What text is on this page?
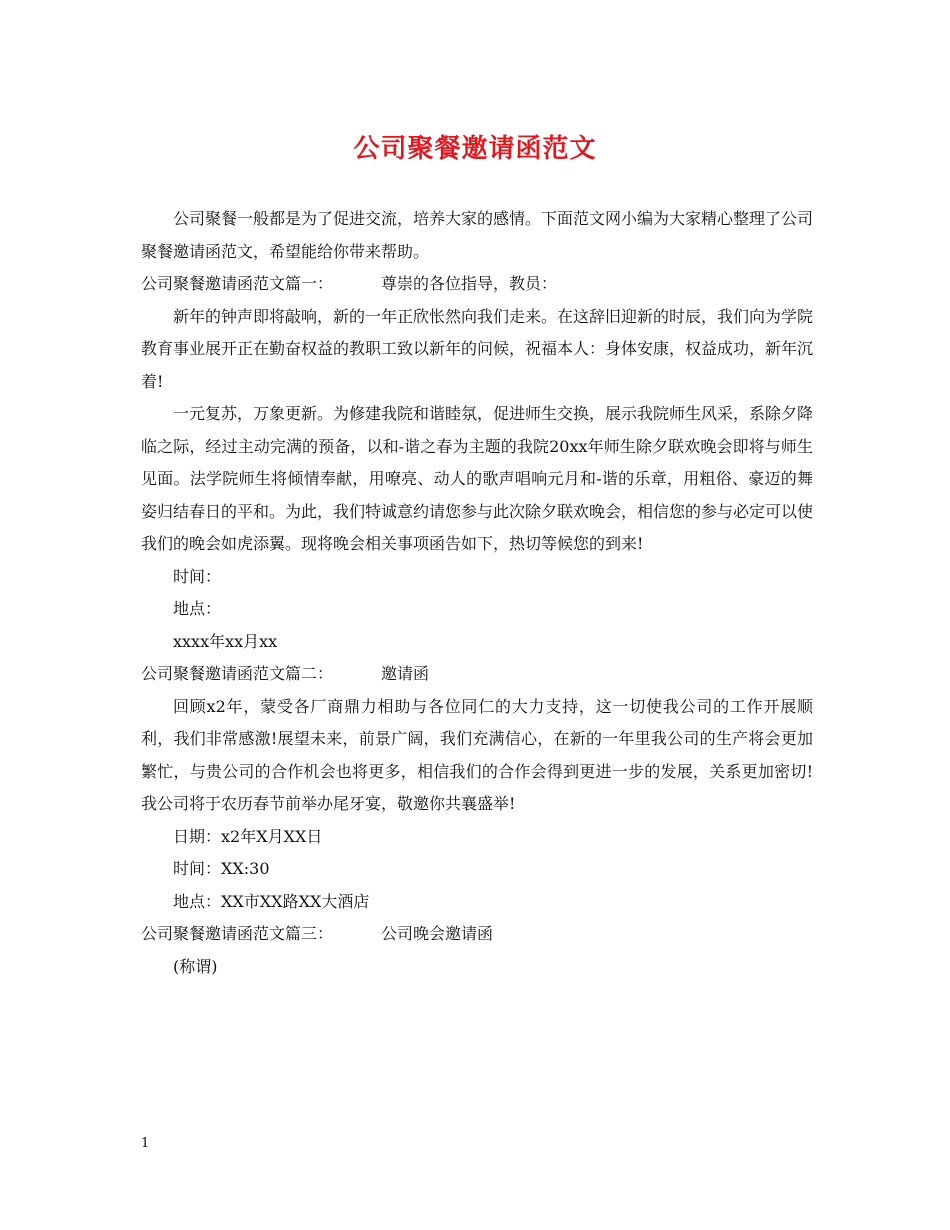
公司聚餐邀请函范文

公司聚餐一般都是为了促进交流，培养大家的感情。下面范文网小编为大家精心整理了公司聚餐邀请函范文，希望能给你带来帮助。

公司聚餐邀请函范文篇一：	尊崇的各位指导，教员：

新年的钟声即将敲响，新的一年正欣怅然向我们走来。在这辞旧迎新的时辰，我们向为学院教育事业展开正在勤奋权益的教职工致以新年的问候，祝福本人：身体安康，权益成功，新年沉着!

一元复苏，万象更新。为修建我院和谐睦氛，促进师生交换，展示我院师生风采，系除夕降临之际，经过主动完满的预备，以和-谐之春为主题的我院20xx年师生除夕联欢晚会即将与师生见面。法学院师生将倾情奉献，用嘹亮、动人的歌声唱响元月和-谐的乐章，用粗俗、豪迈的舞姿归结春日的平和。为此，我们特诚意约请您参与此次除夕联欢晚会，相信您的参与必定可以使我们的晚会如虎添翼。现将晚会相关事项函告如下，热切等候您的到来!

时间：

地点：

xxxx年xx月xx

公司聚餐邀请函范文篇二：	邀请函

回顾x2年，蒙受各厂商鼎力相助与各位同仁的大力支持，这一切使我公司的工作开展顺利，我们非常感激!展望未来，前景广阔，我们充满信心，在新的一年里我公司的生产将会更加繁忙，与贵公司的合作机会也将更多，相信我们的合作会得到更进一步的发展，关系更加密切!我公司将于农历春节前举办尾牙宴，敬邀你共襄盛举!

日期：x2年X月XX日

时间：XX:30

地点：XX市XX路XX大酒店

公司聚餐邀请函范文篇三：	公司晚会邀请函

(称谓)

1
